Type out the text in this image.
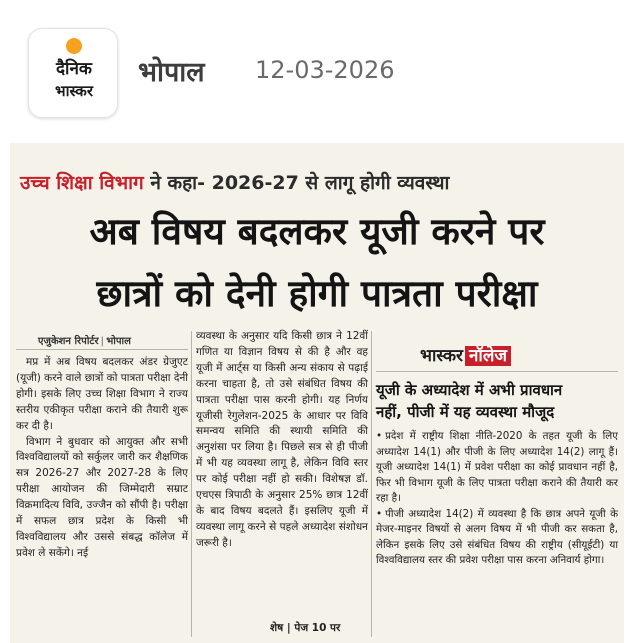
दैनिक
भास्कर
भोपाल 12-03-2026
उच्च शिक्षा विभाग ने कहा- 2026-27 से लागू होगी व्यवस्था
अब विषय बदलकर यूजी करने पर
छात्रों को देनी होगी पात्रता परीक्षा
एजुकेशन रिपोर्टर | भोपाल

मप्र में अब विषय बदलकर अंडर ग्रेजुएट (यूजी) करने वाले छात्रों को पात्रता परीक्षा देनी होगी। इसके लिए उच्च शिक्षा विभाग ने राज्य स्तरीय एकीकृत परीक्षा कराने की तैयारी शुरू कर दी है।

विभाग ने बुधवार को आयुक्त और सभी विश्वविद्यालयों को सर्कुलर जारी कर शैक्षणिक सत्र 2026-27 और 2027-28 के लिए परीक्षा आयोजन की जिम्मेदारी सम्राट विक्रमादित्य विवि, उज्जैन को सौंपी है। परीक्षा में सफल छात्र प्रदेश के किसी भी विश्वविद्यालय और उससे संबद्ध कॉलेज में प्रवेश ले सकेंगे। नई

व्यवस्था के अनुसार यदि किसी छात्र ने 12वीं गणित या विज्ञान विषय से की है और वह यूजी में आर्ट्स या किसी अन्य संकाय से पढ़ाई करना चाहता है, तो उसे संबंधित विषय की पात्रता परीक्षा पास करनी होगी। यह निर्णय यूजीसी रेगुलेशन-2025 के आधार पर विवि समन्वय समिति की स्थायी समिति की अनुशंसा पर लिया है। पिछले सत्र से ही पीजी में भी यह व्यवस्था लागू है, लेकिन विवि स्तर पर कोई परीक्षा नहीं हो सकी। विशेषज्ञ डॉ. एचएस त्रिपाठी के अनुसार 25% छात्र 12वीं के बाद विषय बदलते हैं। इसलिए यूजी में व्यवस्था लागू करने से पहले अध्यादेश संशोधन जरूरी है।

शेष | पेज 10 पर
भास्कर नॉलेज
यूजी के अध्यादेश में अभी प्रावधान
नहीं, पीजी में यह व्यवस्था मौजूद
• प्रदेश में राष्ट्रीय शिक्षा नीति-2020 के तहत यूजी के लिए अध्यादेश 14(1) और पीजी के लिए अध्यादेश 14(2) लागू हैं। यूजी अध्यादेश 14(1) में प्रवेश परीक्षा का कोई प्रावधान नहीं है, फिर भी विभाग यूजी के लिए पात्रता परीक्षा कराने की तैयारी कर रहा है।
• पीजी अध्यादेश 14(2) में व्यवस्था है कि छात्र अपने यूजी के मेजर-माइनर विषयों से अलग विषय में भी पीजी कर सकता है, लेकिन इसके लिए उसे संबंधित विषय की राष्ट्रीय (सीयूईटी) या विश्वविद्यालय स्तर की प्रवेश परीक्षा पास करना अनिवार्य होगा।
